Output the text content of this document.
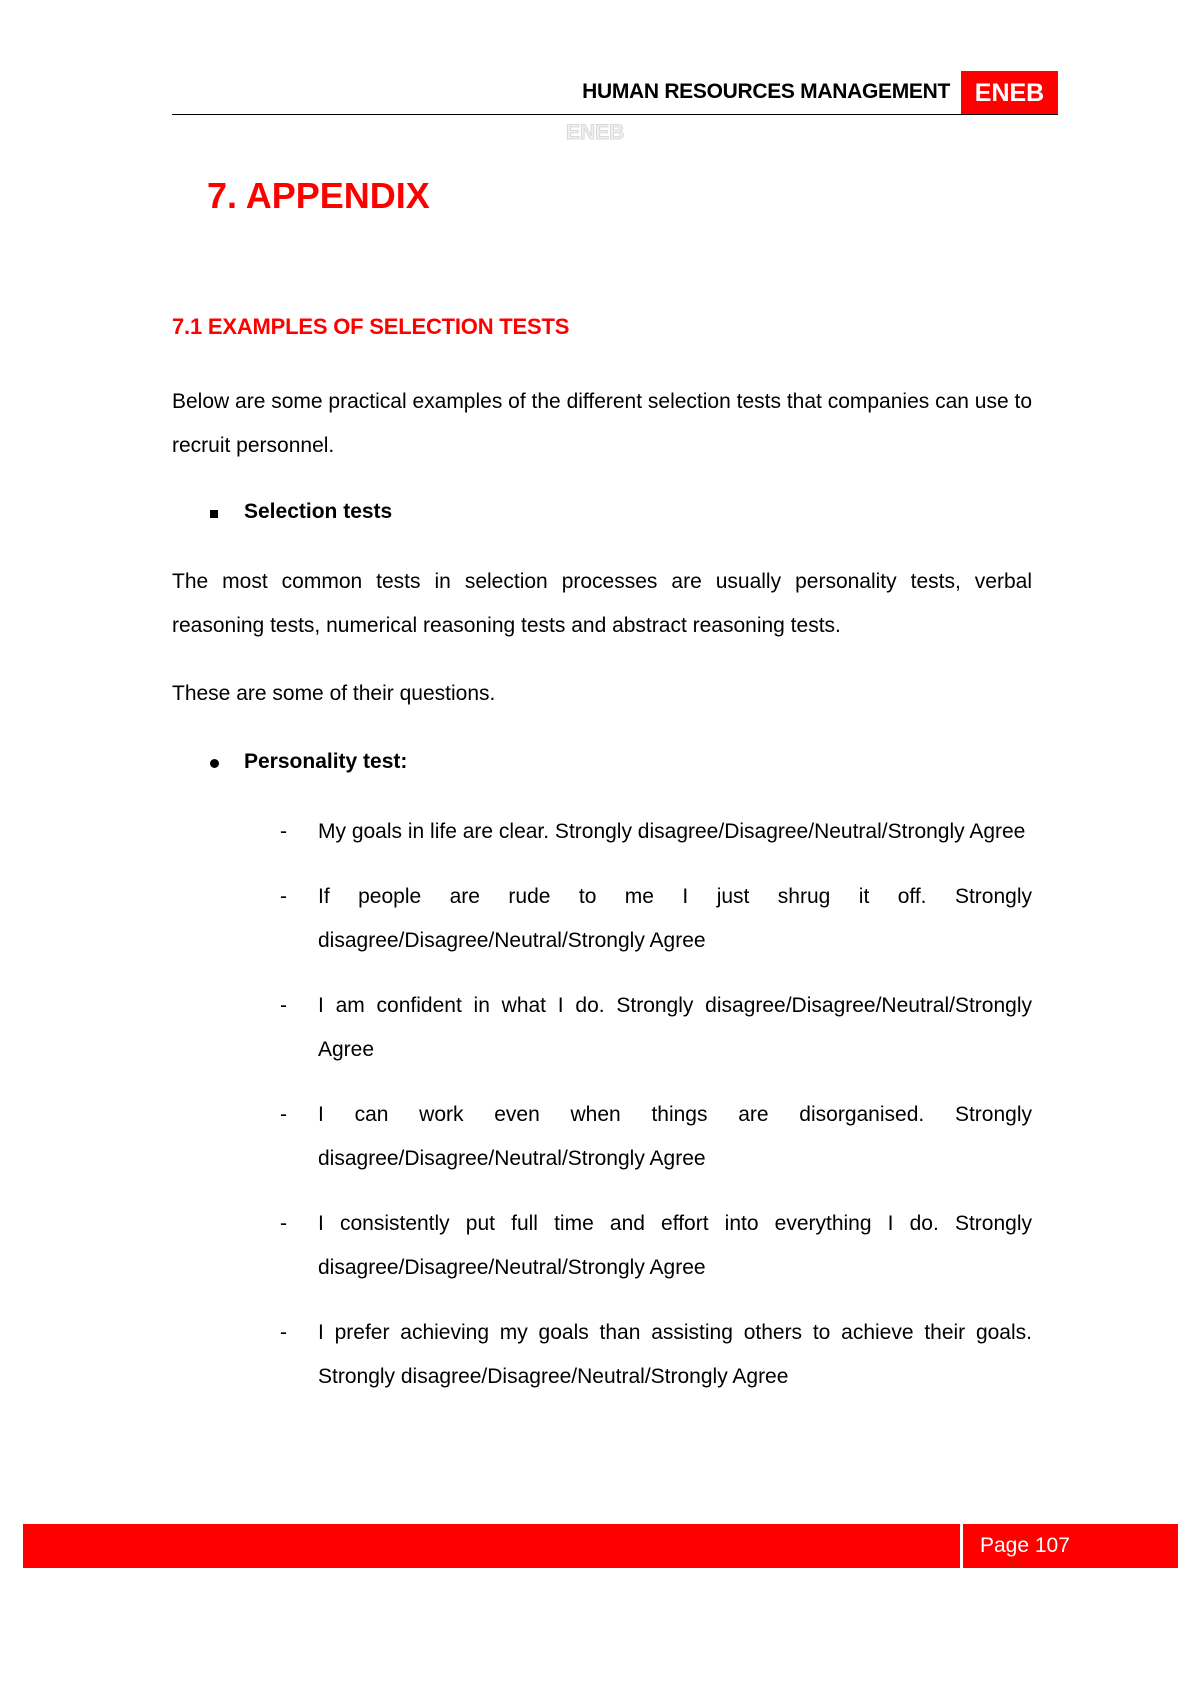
HUMAN RESOURCES MANAGEMENT ENEB
ENEB
7. APPENDIX
7.1 EXAMPLES OF SELECTION TESTS
Below are some practical examples of the different selection tests that companies can use to recruit personnel.
Selection tests
The most common tests in selection processes are usually personality tests, verbal reasoning tests, numerical reasoning tests and abstract reasoning tests.
These are some of their questions.
Personality test:
- My goals in life are clear. Strongly disagree/Disagree/Neutral/Strongly Agree
- If people are rude to me I just shrug it off. Strongly disagree/Disagree/Neutral/Strongly Agree
- I am confident in what I do. Strongly disagree/Disagree/Neutral/Strongly Agree
- I can work even when things are disorganised. Strongly disagree/Disagree/Neutral/Strongly Agree
- I consistently put full time and effort into everything I do. Strongly disagree/Disagree/Neutral/Strongly Agree
- I prefer achieving my goals than assisting others to achieve their goals. Strongly disagree/Disagree/Neutral/Strongly Agree
Page 107
